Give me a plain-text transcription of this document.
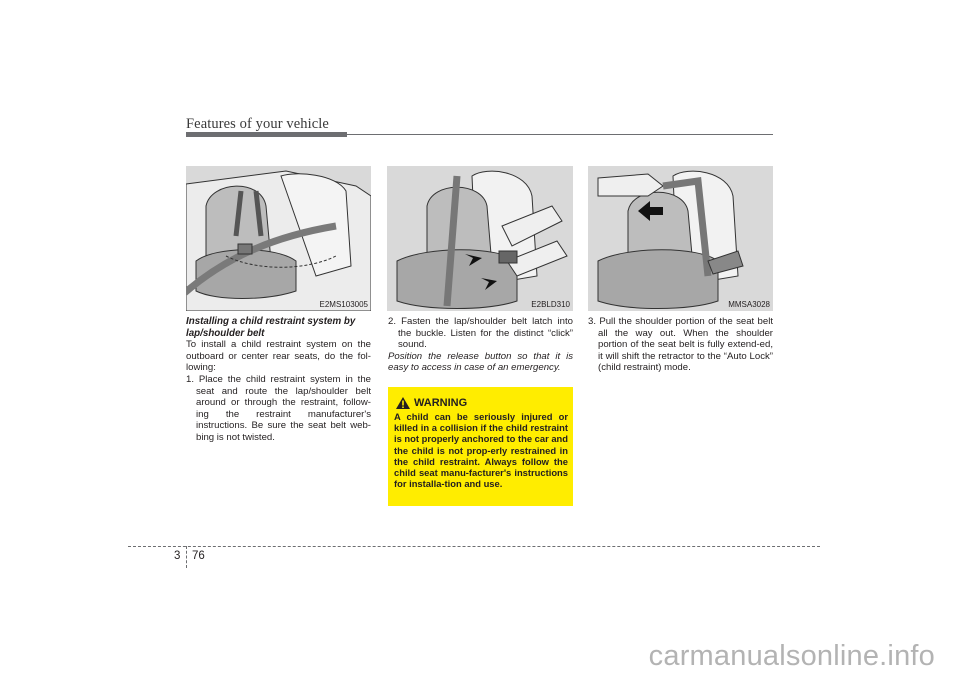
Features of your vehicle
E2MS103005	E2BLD310	MMSA3028
Installing a child restraint system by lap/shoulder belt
To install a child restraint system on the outboard or center rear seats, do the fol-lowing:
1. Place the child restraint system in the seat and route the lap/shoulder belt around or through the restraint, follow-ing the restraint manufacturer's instructions. Be sure the seat belt web-bing is not twisted.
2. Fasten the lap/shoulder belt latch into the buckle. Listen for the distinct “click” sound.
Position the release button so that it is easy to access in case of an emergency.
WARNING
A child can be seriously injured or killed in a collision if the child restraint is not properly anchored to the car and the child is not prop-erly restrained in the child restraint. Always follow the child seat manu-facturer's instructions for installa-tion and use.
3. Pull the shoulder portion of the seat belt all the way out. When the shoulder portion of the seat belt is fully extend-ed, it will shift the retractor to the “Auto Lock” (child restraint) mode.
3 76
carmanualsonline.info
